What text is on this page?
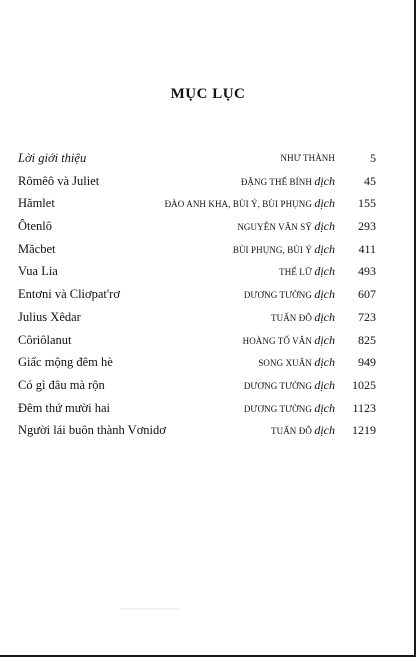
MỤC LỤC
Lời giới thiệu	NHƯ THÀNH	5
Rômêô và Juliet	ĐẶNG THẾ BÍNH dịch 45
Hămlet	ĐÀO ANH KHA, BÙI Ý, BÙI PHỤNG dịch 155
Ôtenlô	NGUYỄN VĂN SỸ dịch 293
Măcbet	BÙI PHỤNG, BÙI Ý dịch 411
Vua Lia	THẾ LỮ dịch 493
Entơni và Cliơpat'rơ	DƯƠNG TƯỜNG dịch 607
Julius Xêdar	TUẤN ĐÔ dịch 723
Côriôlanut	HOÀNG TỐ VÂN dịch 825
Giấc mộng đêm hè	SONG XUÂN dịch 949
Có gì đâu mà rộn	DƯƠNG TƯỜNG dịch 1025
Đêm thứ mười hai	DƯƠNG TƯỜNG dịch 1123
Người lái buôn thành Vơnidơ	TUẤN ĐÔ dịch 1219
